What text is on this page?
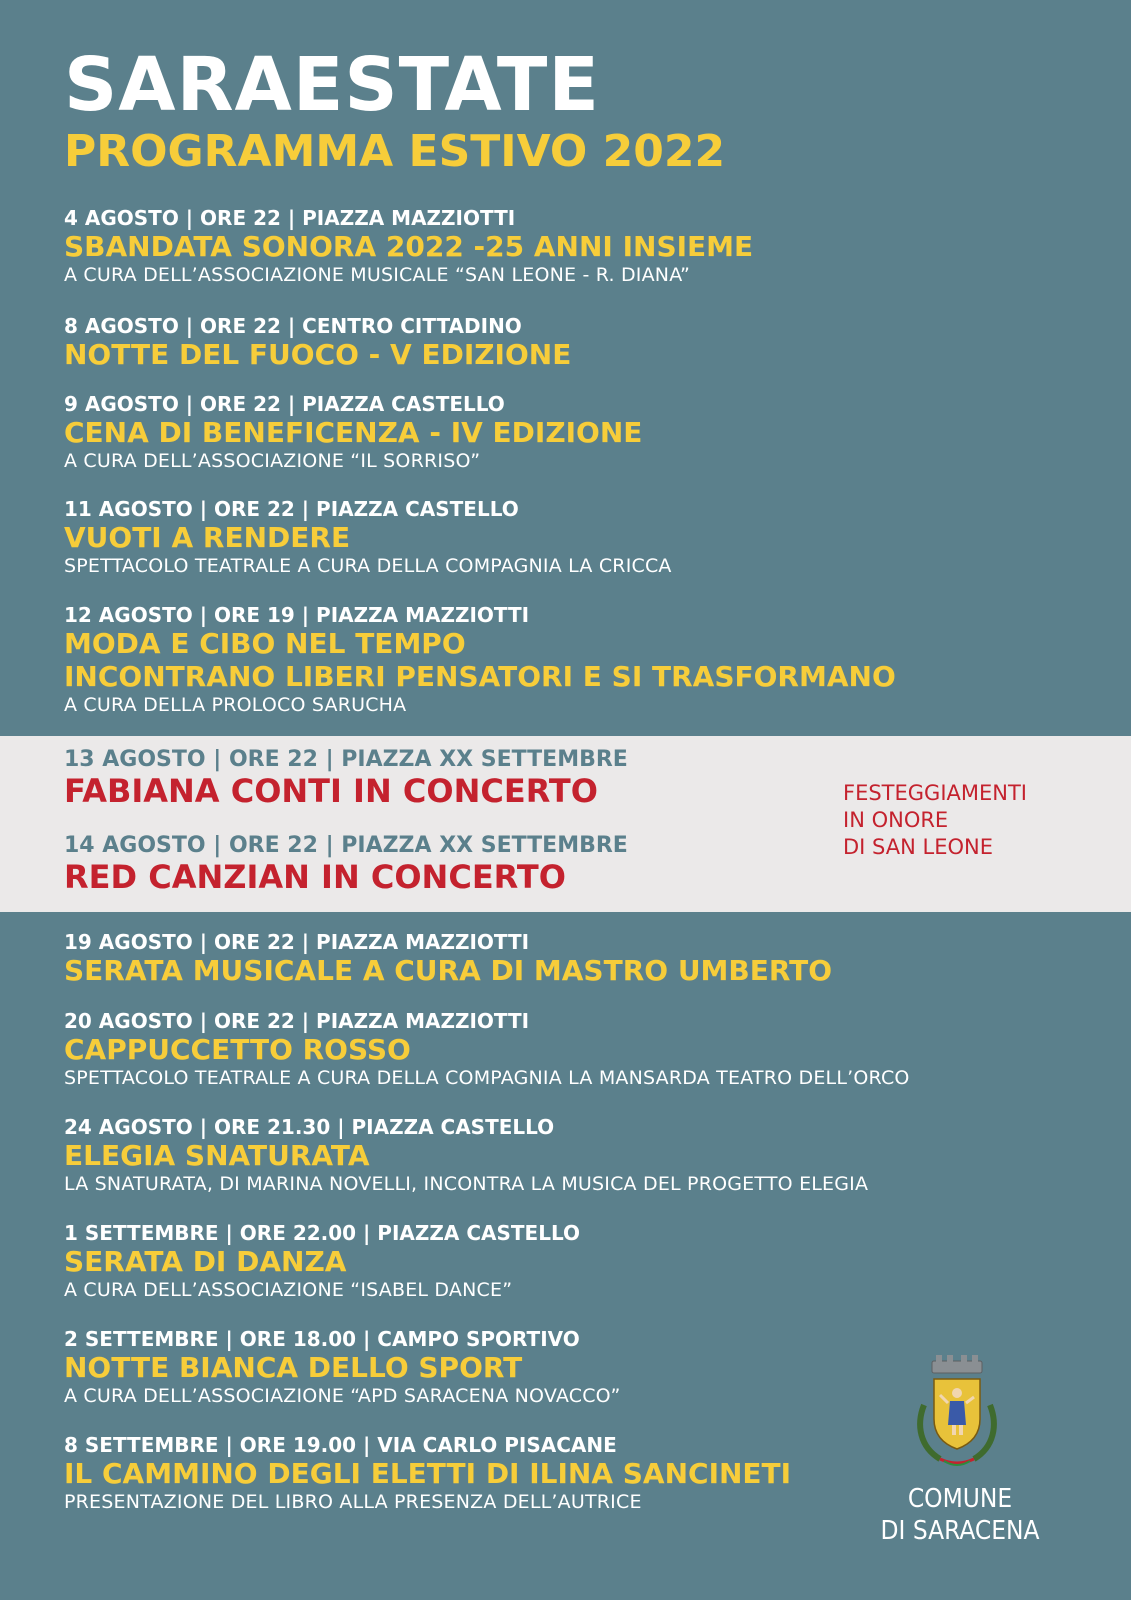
SARAESTATE
PROGRAMMA ESTIVO 2022
4 AGOSTO | ORE 22 | PIAZZA MAZZIOTTI
SBANDATA SONORA 2022 -25 ANNI INSIEME
A CURA DELL’ASSOCIAZIONE MUSICALE “SAN LEONE - R. DIANA”
8 AGOSTO | ORE 22 | CENTRO CITTADINO
NOTTE DEL FUOCO - V EDIZIONE
9 AGOSTO | ORE 22 | PIAZZA CASTELLO
CENA DI BENEFICENZA - IV EDIZIONE
A CURA DELL’ASSOCIAZIONE “IL SORRISO”
11 AGOSTO | ORE 22 | PIAZZA CASTELLO
VUOTI A RENDERE
SPETTACOLO TEATRALE A CURA DELLA COMPAGNIA LA CRICCA
12 AGOSTO | ORE 19 | PIAZZA MAZZIOTTI
MODA E CIBO NEL TEMPO
INCONTRANO LIBERI PENSATORI E SI TRASFORMANO
A CURA DELLA PROLOCO SARUCHA
13 AGOSTO | ORE 22 | PIAZZA XX SETTEMBRE
FABIANA CONTI IN CONCERTO
14 AGOSTO | ORE 22 | PIAZZA XX SETTEMBRE
RED CANZIAN IN CONCERTO
FESTEGGIAMENTI
IN ONORE
DI SAN LEONE
19 AGOSTO | ORE 22 | PIAZZA MAZZIOTTI
SERATA MUSICALE A CURA DI MASTRO UMBERTO
20 AGOSTO | ORE 22 | PIAZZA MAZZIOTTI
CAPPUCCETTO ROSSO
SPETTACOLO TEATRALE A CURA DELLA COMPAGNIA LA MANSARDA TEATRO DELL’ORCO
24 AGOSTO | ORE 21.30 | PIAZZA CASTELLO
ELEGIA SNATURATA
LA SNATURATA, DI MARINA NOVELLI, INCONTRA LA MUSICA DEL PROGETTO ELEGIA
1 SETTEMBRE | ORE 22.00 | PIAZZA CASTELLO
SERATA DI DANZA
A CURA DELL’ASSOCIAZIONE “ISABEL DANCE”
2 SETTEMBRE | ORE 18.00 | CAMPO SPORTIVO
NOTTE BIANCA DELLO SPORT
A CURA DELL’ASSOCIAZIONE “APD SARACENA NOVACCO”
8 SETTEMBRE | ORE 19.00 | VIA CARLO PISACANE
IL CAMMINO DEGLI ELETTI DI ILINA SANCINETI
PRESENTAZIONE DEL LIBRO ALLA PRESENZA DELL’AUTRICE	COMUNE
DI SARACENA
